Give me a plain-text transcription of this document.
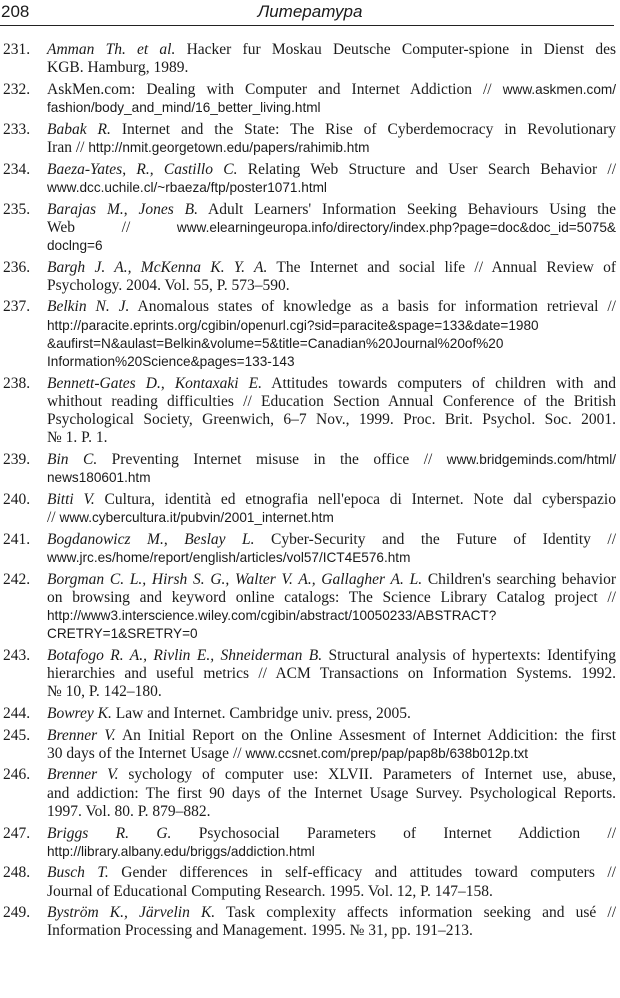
208	Литература
231. Amman Th. et al. Hacker fur Moskau Deutsche Computer-spione in Dienst des
KGB. Hamburg, 1989.
232. AskMen.com: Dealing with Computer and Internet Addiction // www.askmen.com/
fashion/body_and_mind/16_better_living.html
233. Babak R. Internet and the State: The Rise of Cyberdemocracy in Revolutionary
Iran // http://nmit.georgetown.edu/papers/rahimib.htm
234. Baeza-Yates, R., Castillo C. Relating Web Structure and User Search Behavior //
www.dcc.uchile.cl/~rbaeza/ftp/poster1071.html
235. Barajas M., Jones B. Adult Learners' Information Seeking Behaviours Using the
Web // www.elearningeuropa.info/directory/index.php?page=doc&doc_id=5075&
doclng=6
236. Bargh J. A., McKenna K. Y. A. The Internet and social life // Annual Review of
Psychology. 2004. Vol. 55, P. 573–590.
237. Belkin N. J. Anomalous states of knowledge as a basis for information retrieval //
http://paracite.eprints.org/cgibin/openurl.cgi?sid=paracite&spage=133&date=1980
&aufirst=N&aulast=Belkin&volume=5&title=Canadian%20Journal%20of%20
Information%20Science&pages=133-143
238. Bennett-Gates D., Kontaxaki E. Attitudes towards computers of children with and
whithout reading difficulties // Education Section Annual Conference of the British
Psychological Society, Greenwich, 6–7 Nov., 1999. Proc. Brit. Psychol. Soc. 2001.
№ 1. P. 1.
239. Bin C. Preventing Internet misuse in the office // www.bridgeminds.com/html/
news180601.htm
240. Bitti V. Cultura, identità ed etnografia nell'epoca di Internet. Note dal cyberspazio
// www.cybercultura.it/pubvin/2001_internet.htm
241. Bogdanowicz M., Beslay L. Cyber-Security and the Future of Identity //
www.jrc.es/home/report/english/articles/vol57/ICT4E576.htm
242. Borgman C. L., Hirsh S. G., Walter V. A., Gallagher A. L. Children's searching behavior
on browsing and keyword online catalogs: The Science Library Catalog project //
http://www3.interscience.wiley.com/cgibin/abstract/10050233/ABSTRACT?
CRETRY=1&SRETRY=0
243. Botafogo R. A., Rivlin E., Shneiderman B. Structural analysis of hypertexts: Identifying
hierarchies and useful metrics // ACM Transactions on Information Systems. 1992.
№ 10, P. 142–180.
244. Bowrey K. Law and Internet. Cambridge univ. press, 2005.
245. Brenner V. An Initial Report on the Online Assesment of Internet Addicition: the first
30 days of the Internet Usage // www.ccsnet.com/prep/pap/pap8b/638b012p.txt
246. Brenner V. sychology of computer use: XLVII. Parameters of Internet use, abuse,
and addiction: The first 90 days of the Internet Usage Survey. Psychological Reports.
1997. Vol. 80. P. 879–882.
247. Briggs R. G. Psychosocial Parameters of Internet Addiction //
http://library.albany.edu/briggs/addiction.html
248. Busch T. Gender differences in self-efficacy and attitudes toward computers //
Journal of Educational Computing Research. 1995. Vol. 12, P. 147–158.
249. Byström K., Järvelin K. Task complexity affects information seeking and usé //
Information Processing and Management. 1995. № 31, pp. 191–213.
